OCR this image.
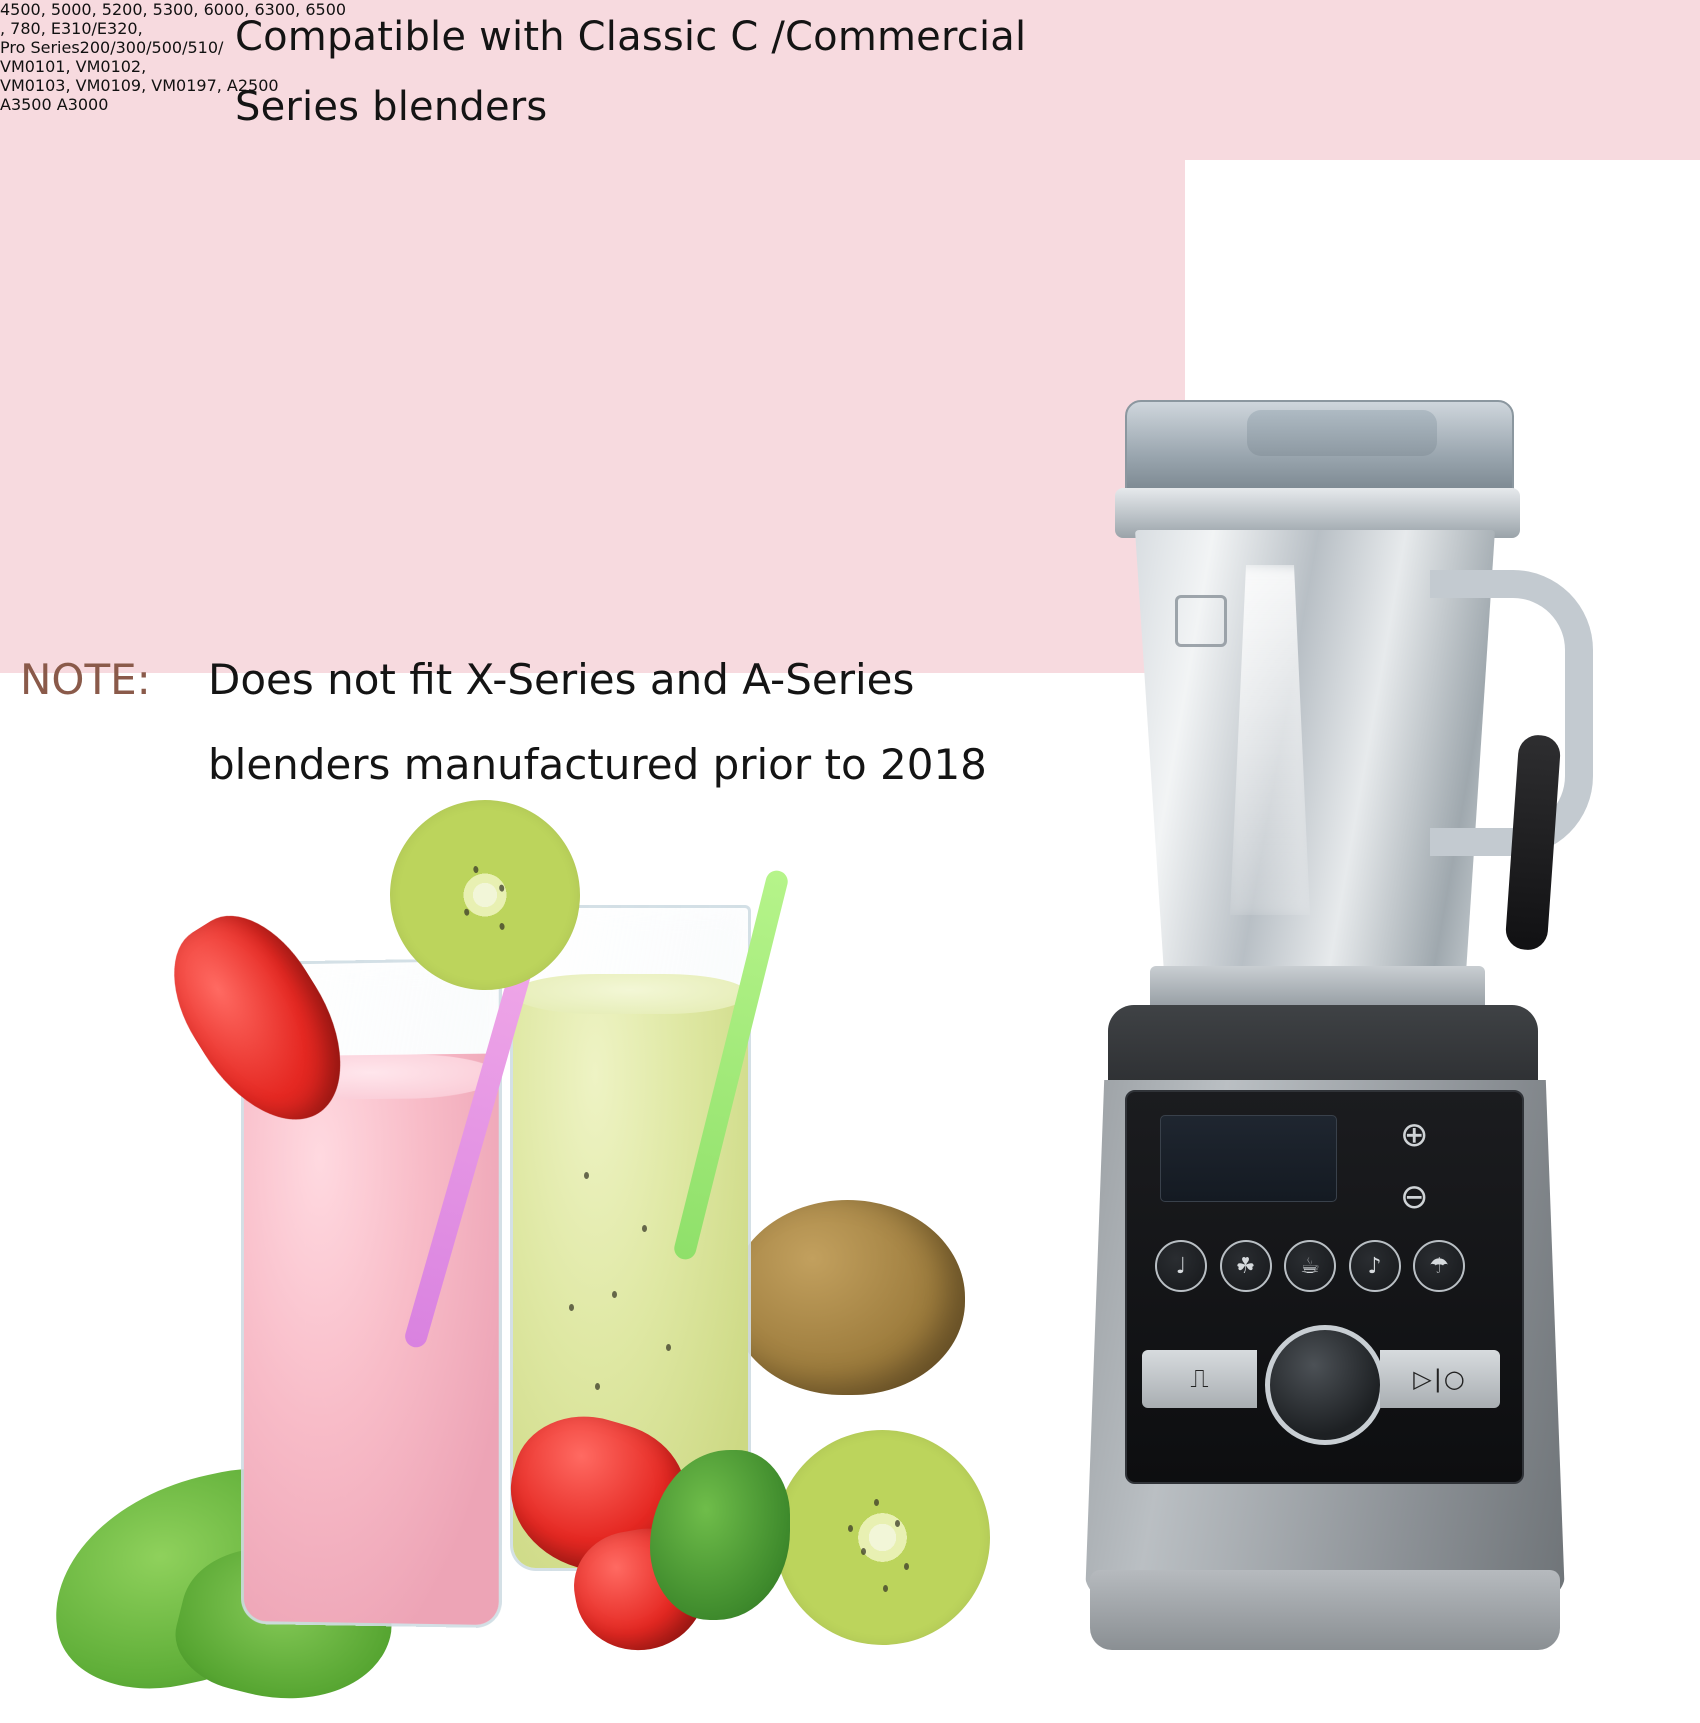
Compatible with Classic C /Commercial
Series blenders
4500, 5000, 5200, 5300, 6000, 6300, 6500
, 780, E310/E320,
Pro Series200/300/500/510/
VM0101, VM0102,
VM0103, VM0109, VM0197, A2500
A3500 A3000
NOTE: Does not fit X-Series and A-Series
blenders manufactured prior to 2018
⊕
⊖
♩	☘	☕	♪	☂
⎍	▷|○
